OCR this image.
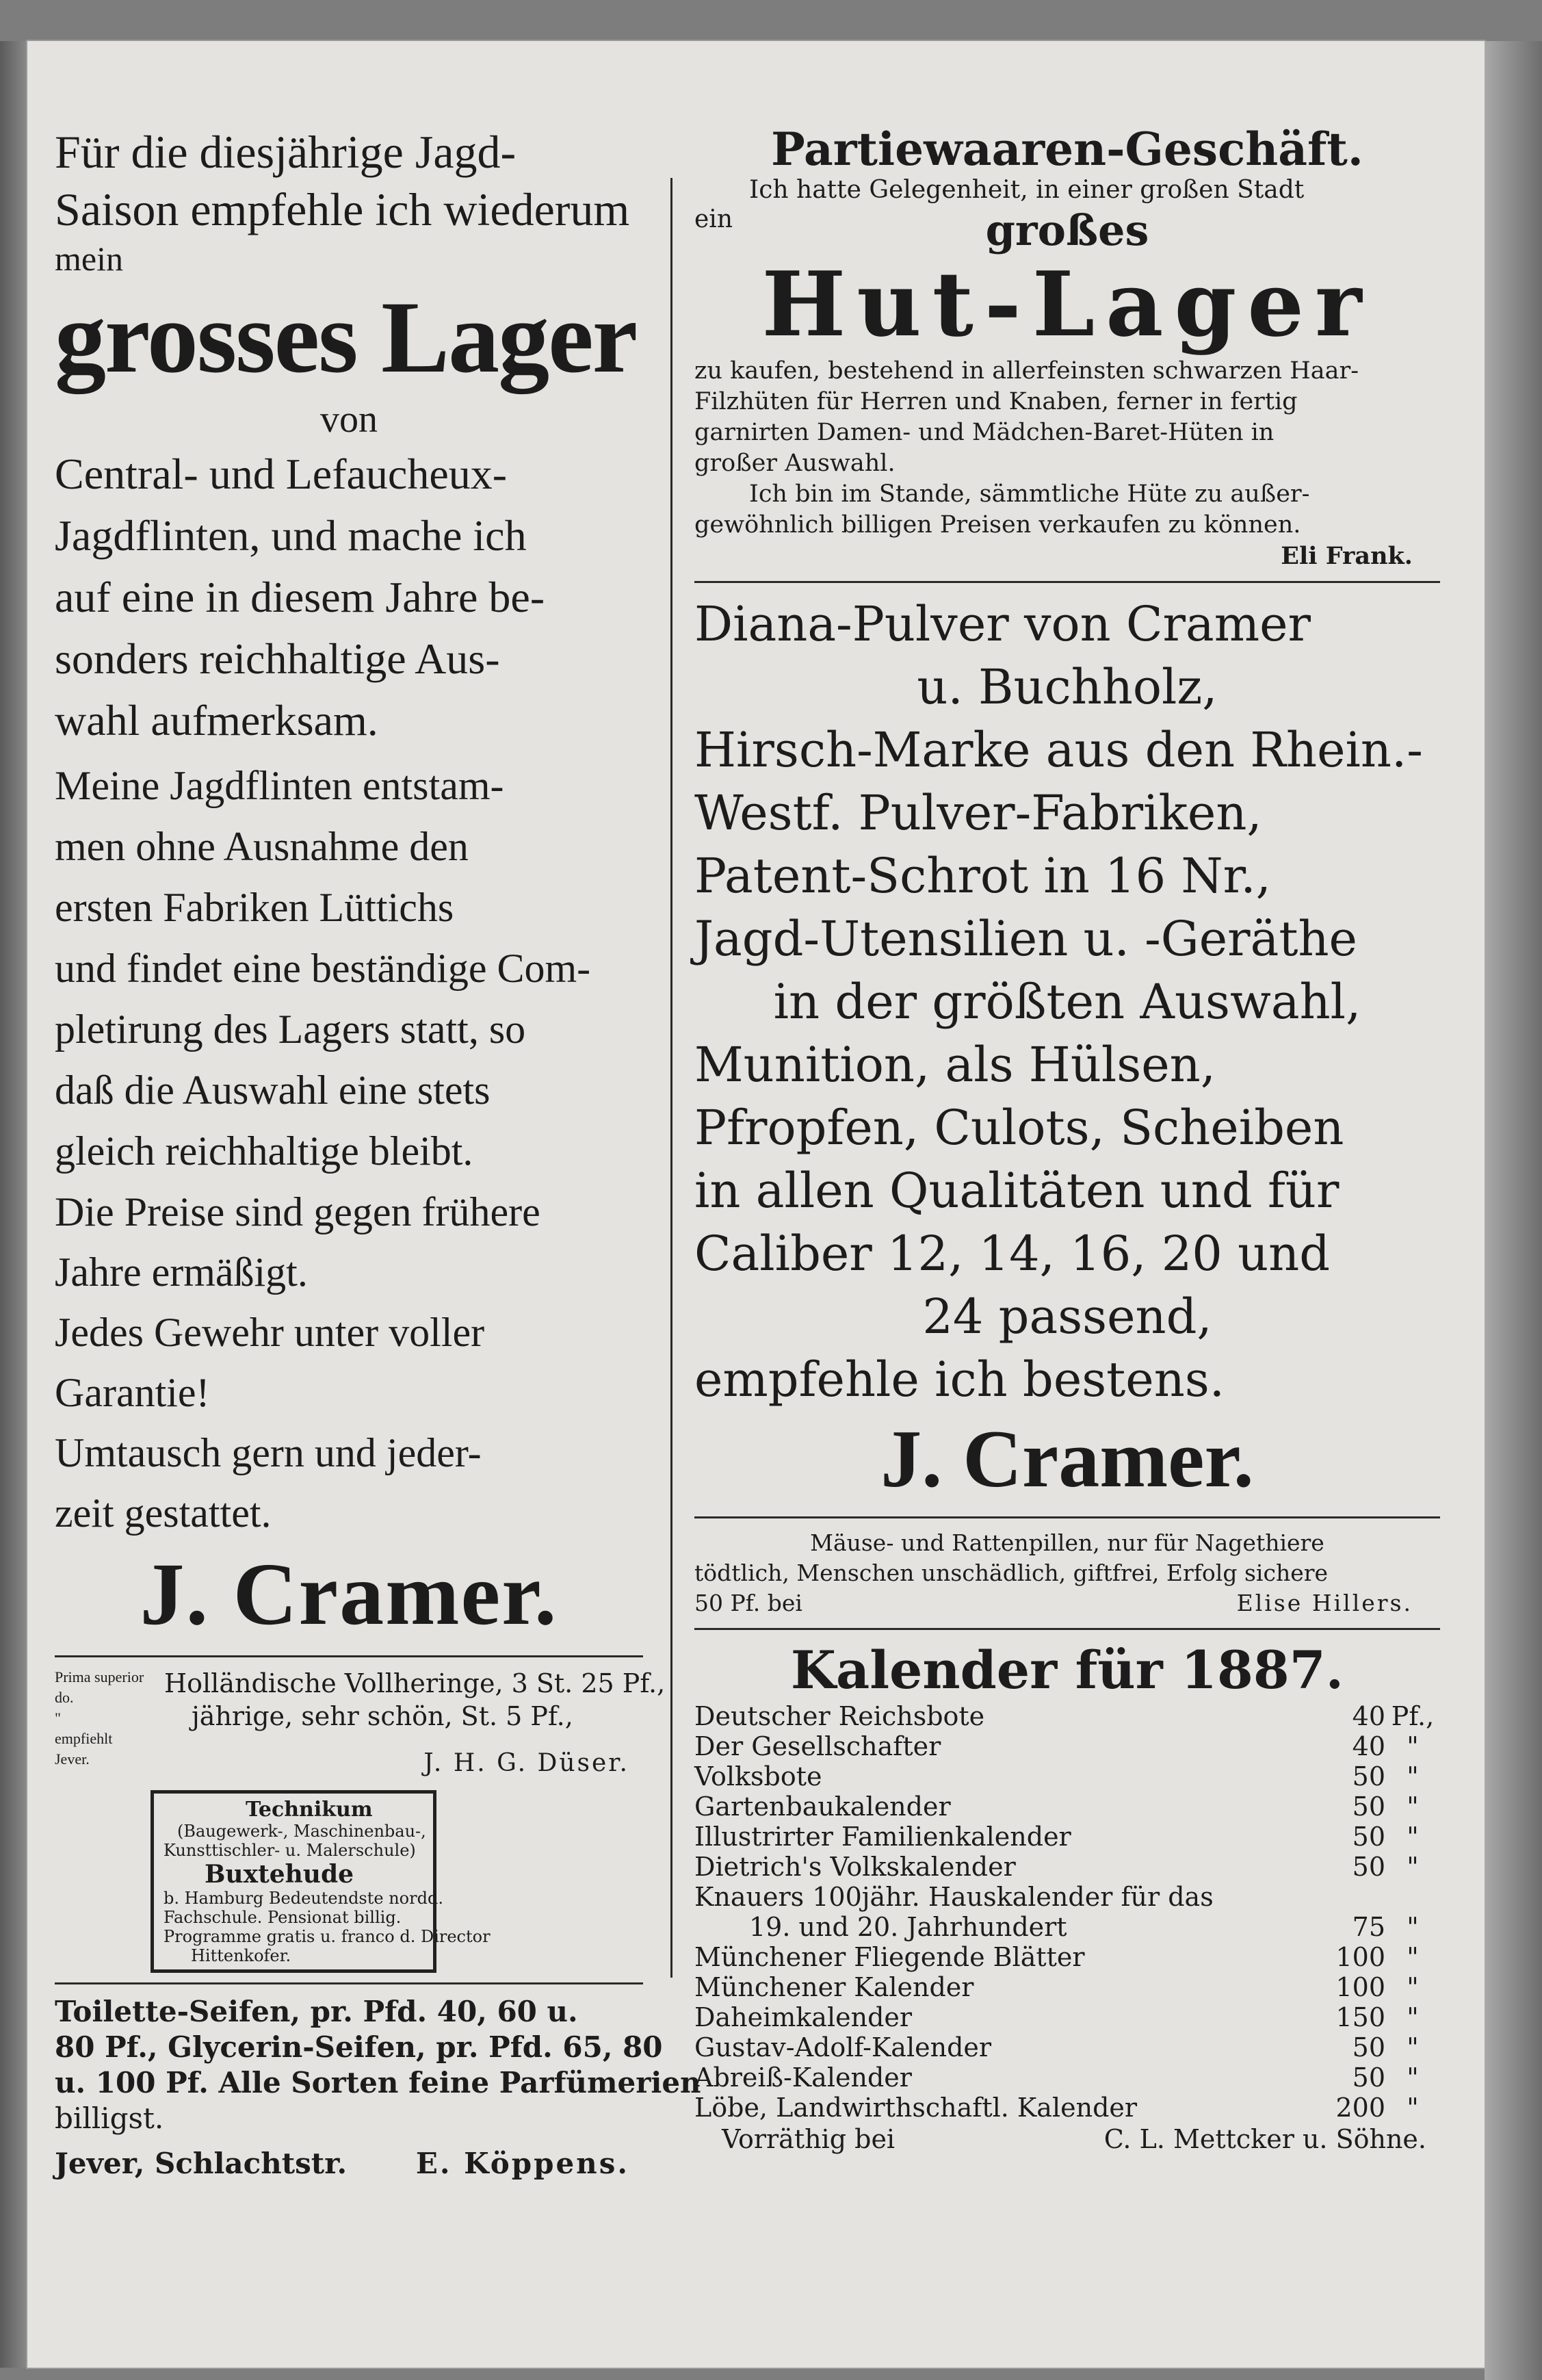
Für die diesjährige Jagd-
Saison empfehle ich wiederum
mein
grosses Lager
von
Central- und Lefaucheux-
Jagdflinten, und mache ich
auf eine in diesem Jahre be-
sonders reichhaltige Aus-
wahl aufmerksam.
Meine Jagdflinten entstam-
men ohne Ausnahme den
ersten Fabriken Lüttichs
und findet eine beständige Com-
pletirung des Lagers statt, so
daß die Auswahl eine stets
gleich reichhaltige bleibt.
Die Preise sind gegen frühere
Jahre ermäßigt.
Jedes Gewehr unter voller
Garantie!
Umtausch gern und jeder-
zeit gestattet.
J. Cramer.
Prima superior
do.
"
empfiehlt
Jever.
Holländische Vollheringe, 3 St. 25 Pf.,
jährige, sehr schön, St. 5 Pf.,
J. H. G. Düser.
Technikum
(Baugewerk-, Maschinenbau-,
Kunsttischler- u. Malerschule)
Buxtehude
b. Hamburg Bedeutendste nordd.
Fachschule. Pensionat billig.
Programme gratis u. franco d. Director
Hittenkofer.
Toilette-Seifen, pr. Pfd. 40, 60 u.
80 Pf., Glycerin-Seifen, pr. Pfd. 65, 80
u. 100 Pf. Alle Sorten feine Parfümerien
billigst.
Jever, Schlachtstr. E. Köppens.
Partiewaaren-Geschäft.
Ich hatte Gelegenheit, in einer großen Stadt
ein	großes
Hut-Lager
zu kaufen, bestehend in allerfeinsten schwarzen Haar-
Filzhüten für Herren und Knaben, ferner in fertig
garnirten Damen- und Mädchen-Baret-Hüten in
großer Auswahl.
Ich bin im Stande, sämmtliche Hüte zu außer-
gewöhnlich billigen Preisen verkaufen zu können.
Eli Frank.
Diana-Pulver von Cramer
u. Buchholz,
Hirsch-Marke aus den Rhein.-
Westf. Pulver-Fabriken,
Patent-Schrot in 16 Nr.,
Jagd-Utensilien u. -Geräthe
in der größten Auswahl,
Munition, als Hülsen,
Pfropfen, Culots, Scheiben
in allen Qualitäten und für
Caliber 12, 14, 16, 20 und
24 passend,
empfehle ich bestens.
J. Cramer.
Mäuse- und Rattenpillen, nur für Nagethiere
tödtlich, Menschen unschädlich, giftfrei, Erfolg sichere
50 Pf. bei	Elise Hillers.
Kalender für 1887.
Deutscher Reichsbote	40 Pf.,
Der Gesellschafter	40 "
Volksbote	50 "
Gartenbaukalender	50 "
Illustrirter Familienkalender	50 "
Dietrich's Volkskalender	50 "
Knauers 100jähr. Hauskalender für das
19. und 20. Jahrhundert	75 "
Münchener Fliegende Blätter	100 "
Münchener Kalender	100 "
Daheimkalender	150 "
Gustav-Adolf-Kalender	50 "
Abreiß-Kalender	50 "
Löbe, Landwirthschaftl. Kalender	200 "
Vorräthig bei	C. L. Mettcker u. Söhne.
